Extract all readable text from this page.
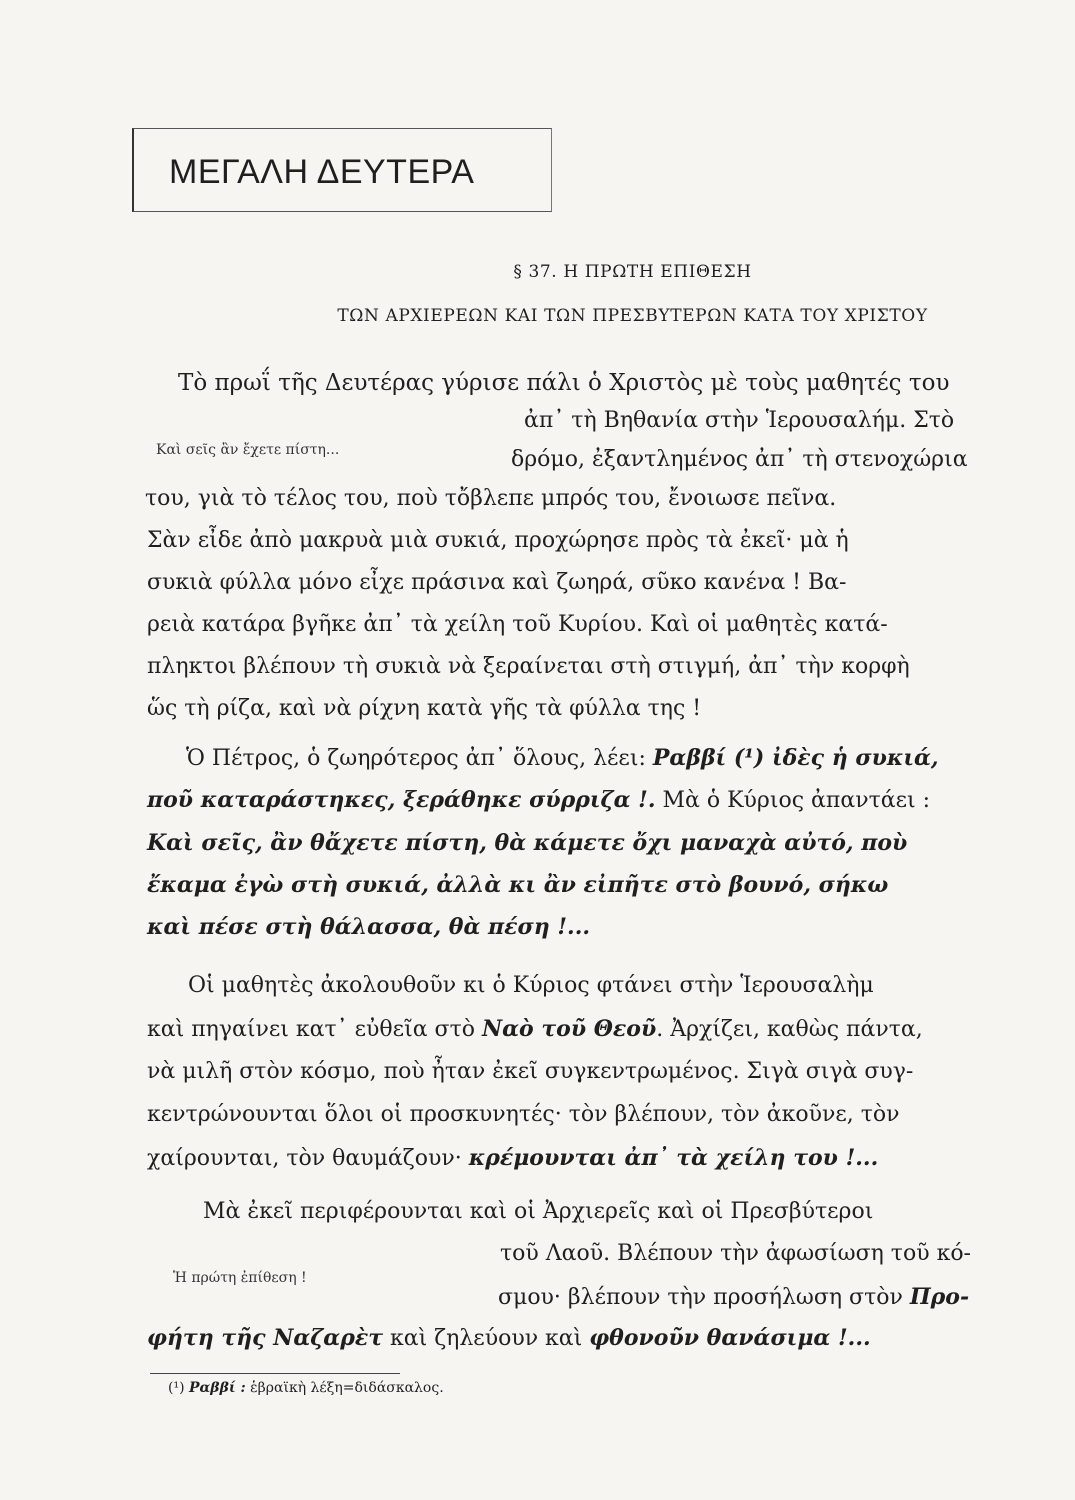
ΜΕΓΑΛΗ ΔΕΥΤΕΡΑ
§ 37. Η ΠΡΩΤΗ ΕΠΙΘΕΣΗ
ΤΩΝ ΑΡΧΙΕΡΕΩΝ ΚΑΙ ΤΩΝ ΠΡΕΣΒΥΤΕΡΩΝ ΚΑΤΑ ΤΟΥ ΧΡΙΣΤΟΥ
Καὶ σεῖς ἂν ἔχετε πίστη...
Ἡ πρώτη ἐπίθεση !
Τὸ πρωΐ τῆς Δευτέρας γύρισε πάλι ὁ Χριστὸς μὲ τοὺς μαθητές του
ἀπ᾿ τὴ Βηθανία στὴν Ἱερουσαλήμ. Στὸ
δρόμο, ἐξαντλημένος ἀπ᾿ τὴ στενοχώρια
του, γιὰ τὸ τέλος του, ποὺ τὄβλεπε μπρός του, ἔνοιωσε πεῖνα.
Σὰν εἶδε ἀπὸ μακρυὰ μιὰ συκιά, προχώρησε πρὸς τὰ ἐκεῖ· μὰ ἡ
συκιὰ φύλλα μόνο εἶχε πράσινα καὶ ζωηρά, σῦκο κανένα ! Βα-
ρειὰ κατάρα βγῆκε ἀπ᾿ τὰ χείλη τοῦ Κυρίου. Καὶ οἱ μαθητὲς κατά-
πληκτοι βλέπουν τὴ συκιὰ νὰ ξεραίνεται στὴ στιγμή, ἀπ᾿ τὴν κορφὴ
ὥς τὴ ρίζα, καὶ νὰ ρίχνη κατὰ γῆς τὰ φύλλα της !
Ὁ Πέτρος, ὁ ζωηρότερος ἀπ᾿ ὅλους, λέει: Ραββί (¹) ἰδὲς ἡ συκιά,
ποῦ καταράστηκες, ξεράθηκε σύρριζα !. Μὰ ὁ Κύριος ἀπαντάει :
Καὶ σεῖς, ἂν θἄχετε πίστη, θὰ κάμετε ὄχι μαναχὰ αὐτό, ποὺ
ἔκαμα ἐγὼ στὴ συκιά, ἀλλὰ κι ἂν εἰπῆτε στὸ βουνό, σήκω
καὶ πέσε στὴ θάλασσα, θὰ πέση !...
Οἱ μαθητὲς ἀκολουθοῦν κι ὁ Κύριος φτάνει στὴν Ἱερουσαλὴμ
καὶ πηγαίνει κατ᾿ εὐθεῖα στὸ Ναὸ τοῦ Θεοῦ. Ἀρχίζει, καθὼς πάντα,
νὰ μιλῆ στὸν κόσμο, ποὺ ἦταν ἐκεῖ συγκεντρωμένος. Σιγὰ σιγὰ συγ-
κεντρώνουνται ὅλοι οἱ προσκυνητές· τὸν βλέπουν, τὸν ἀκοῦνε, τὸν
χαίρουνται, τὸν θαυμάζουν· κρέμουνται ἀπ᾿ τὰ χείλη του !...
Μὰ ἐκεῖ περιφέρουνται καὶ οἱ Ἀρχιερεῖς καὶ οἱ Πρεσβύτεροι
τοῦ Λαοῦ. Βλέπουν τὴν ἀφωσίωση τοῦ κό-
σμου· βλέπουν τὴν προσήλωση στὸν Προ-
φήτη τῆς Ναζαρὲτ καὶ ζηλεύουν καὶ φθονοῦν θανάσιμα !...
(¹) Ραββί : ἑβραϊκὴ λέξη=διδάσκαλος.
